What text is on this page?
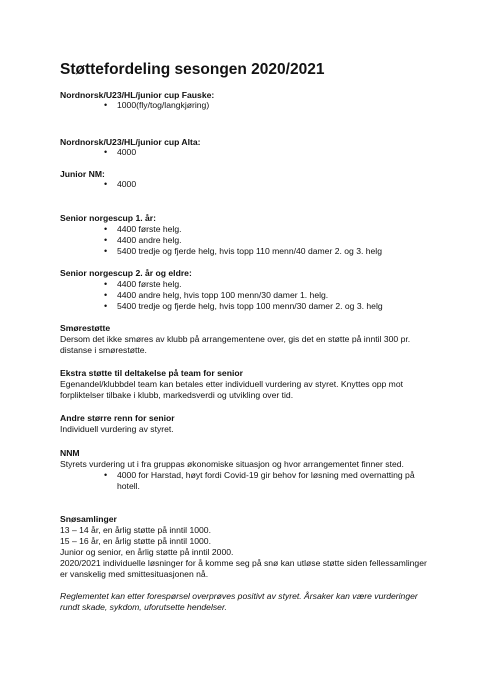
Støttefordeling sesongen 2020/2021
Nordnorsk/U23/HL/junior cup Fauske:
• 1000(fly/tog/langkjøring)
Nordnorsk/U23/HL/junior cup Alta:
• 4000
Junior NM:
• 4000
Senior norgescup 1. år:
• 4400 første helg.
• 4400 andre helg.
• 5400 tredje og fjerde helg, hvis topp 110 menn/40 damer 2. og 3. helg
Senior norgescup 2. år og eldre:
• 4400 første helg.
• 4400 andre helg, hvis topp 100 menn/30 damer 1. helg.
• 5400 tredje og fjerde helg, hvis topp 100 menn/30 damer 2. og 3. helg
Smørestøtte
Dersom det ikke smøres av klubb på arrangementene over, gis det en støtte på inntil 300 pr. distanse i smørestøtte.
Ekstra støtte til deltakelse på team for senior
Egenandel/klubbdel team kan betales etter individuell vurdering av styret. Knyttes opp mot forpliktelser tilbake i klubb, markedsverdi og utvikling over tid.
Andre større renn for senior
Individuell vurdering av styret.
NNM
Styrets vurdering ut i fra gruppas økonomiske situasjon og hvor arrangementet finner sted.
• 4000 for Harstad, høyt fordi Covid-19 gir behov for løsning med overnatting på hotell.
Snøsamlinger
13 – 14 år, en årlig støtte på inntil 1000.
15 – 16 år, en årlig støtte på inntil 1000.
Junior og senior, en årlig støtte på inntil 2000.
2020/2021 individuelle løsninger for å komme seg på snø kan utløse støtte siden fellessamlinger er vanskelig med smittesituasjonen nå.
Reglementet kan etter forespørsel overprøves positivt av styret. Årsaker kan være vurderinger rundt skade, sykdom, uforutsette hendelser.
